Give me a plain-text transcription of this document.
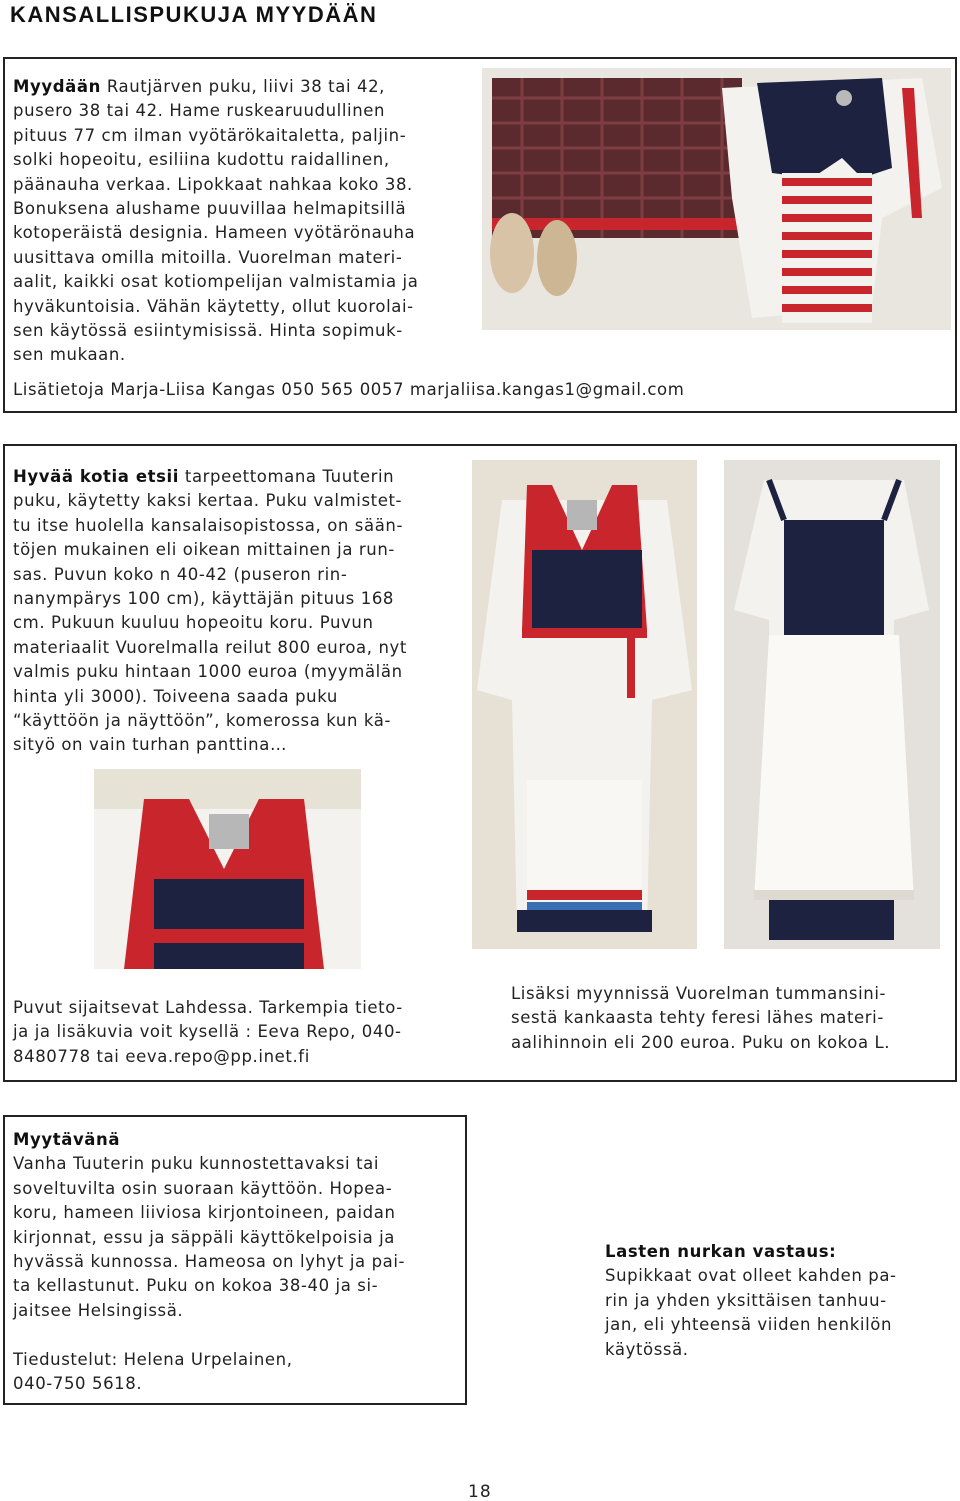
KANSALLISPUKUJA MYYDÄÄN
Myydään Rautjärven puku, liivi 38 tai 42,
pusero 38 tai 42. Hame ruskearuudullinen
pituus 77 cm ilman vyötärökaitaletta, paljin-
solki hopeoitu, esiliina kudottu raidallinen,
päänauha verkaa. Lipokkaat nahkaa koko 38.
Bonuksena alushame puuvillaa helmapitsillä
kotoperäistä designia. Hameen vyötärönauha
uusittava omilla mitoilla. Vuorelman materi-
aalit, kaikki osat kotiompelijan valmistamia ja
hyväkuntoisia. Vähän käytetty, ollut kuorolai-
sen käytössä esiintymisissä. Hinta sopimuk-
sen mukaan.
Lisätietoja Marja-Liisa Kangas 050 565 0057 marjaliisa.kangas1@gmail.com
Hyvää kotia etsii tarpeettomana Tuuterin
puku, käytetty kaksi kertaa. Puku valmistet-
tu itse huolella kansalaisopistossa, on sään-
töjen mukainen eli oikean mittainen ja run-
sas. Puvun koko n 40-42 (puseron rin-
nanympärys 100 cm), käyttäjän pituus 168
cm. Pukuun kuuluu hopeoitu koru. Puvun
materiaalit Vuorelmalla reilut 800 euroa, nyt
valmis puku hintaan 1000 euroa (myymälän
hinta yli 3000). Toiveena saada puku
“käyttöön ja näyttöön”, komerossa kun kä-
sityö on vain turhan panttina…
Puvut sijaitsevat Lahdessa. Tarkempia tieto-
ja ja lisäkuvia voit kysellä : Eeva Repo, 040-
8480778 tai eeva.repo@pp.inet.fi
Lisäksi myynnissä Vuorelman tummansini-
sestä kankaasta tehty feresi lähes materi-
aalihinnoin eli 200 euroa. Puku on kokoa L.
Myytävänä
Vanha Tuuterin puku kunnostettavaksi tai
soveltuvilta osin suoraan käyttöön. Hopea-
koru, hameen liiviosa kirjontoineen, paidan
kirjonnat, essu ja säppäli käyttökelpoisia ja
hyvässä kunnossa. Hameosa on lyhyt ja pai-
ta kellastunut. Puku on kokoa 38-40 ja si-
jaitsee Helsingissä.

Tiedustelut: Helena Urpelainen,
040-750 5618.
Lasten nurkan vastaus:
Supikkaat ovat olleet kahden pa-
rin ja yhden yksittäisen tanhuu-
jan, eli yhteensä viiden henkilön
käytössä.
18
